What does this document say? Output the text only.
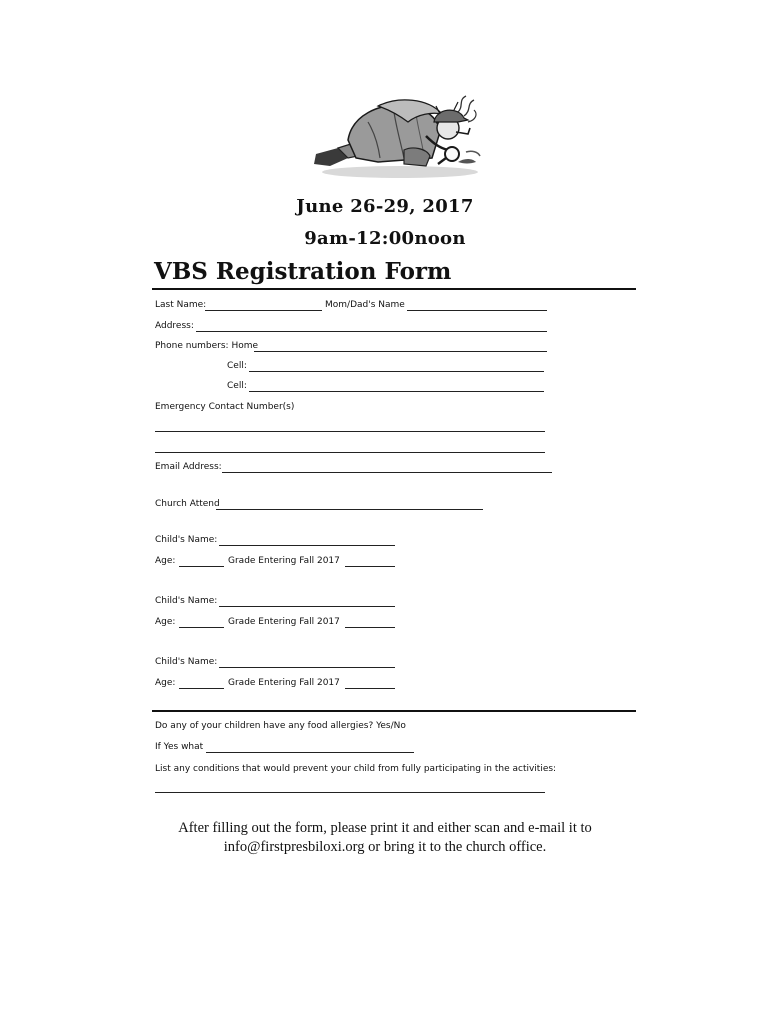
June 26-29, 2017
9am-12:00noon
VBS Registration Form
Last Name:	Mom/Dad's Name
Address:
Phone numbers: Home
Cell:
Cell:
Emergency Contact Number(s)
Email Address:
Church Attend
Child's Name:
Age:	Grade Entering Fall 2017
Child's Name:
Age:	Grade Entering Fall 2017
Child's Name:
Age:	Grade Entering Fall 2017
Do any of your children have any food allergies? Yes/No
If Yes what
List any conditions that would prevent your child from fully participating in the activities:
After filling out the form, please print it and either scan and e-mail it to
info@firstpresbiloxi.org or bring it to the church office.
